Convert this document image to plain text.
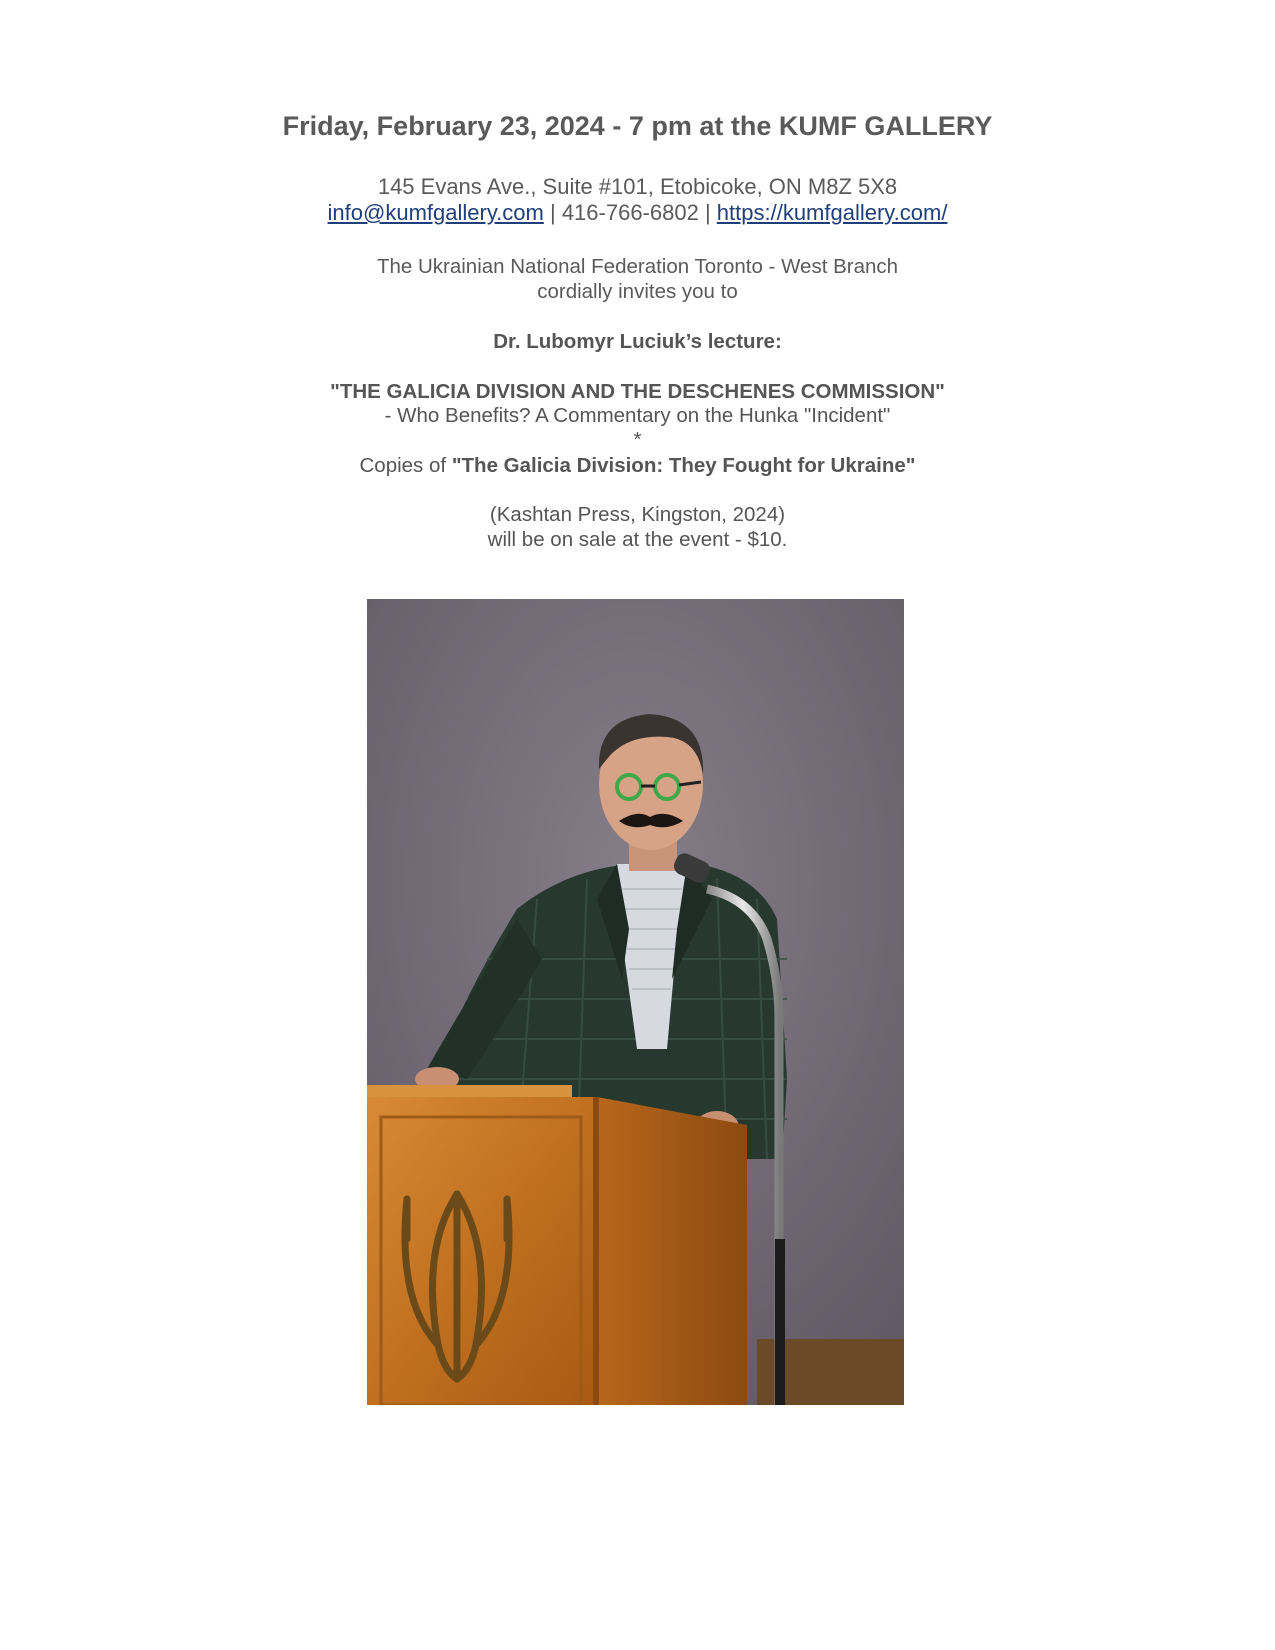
Friday, February 23, 2024 - 7 pm at the KUMF GALLERY
145 Evans Ave., Suite #101, Etobicoke, ON M8Z 5X8
info@kumfgallery.com | 416-766-6802 | https://kumfgallery.com/
The Ukrainian National Federation Toronto - West Branch
cordially invites you to
Dr. Lubomyr Luciuk’s lecture:
"THE GALICIA DIVISION AND THE DESCHENES COMMISSION"
- Who Benefits? A Commentary on the Hunka "Incident"
*
Copies of "The Galicia Division: They Fought for Ukraine"
(Kashtan Press, Kingston, 2024)
will be on sale at the event - $10.
